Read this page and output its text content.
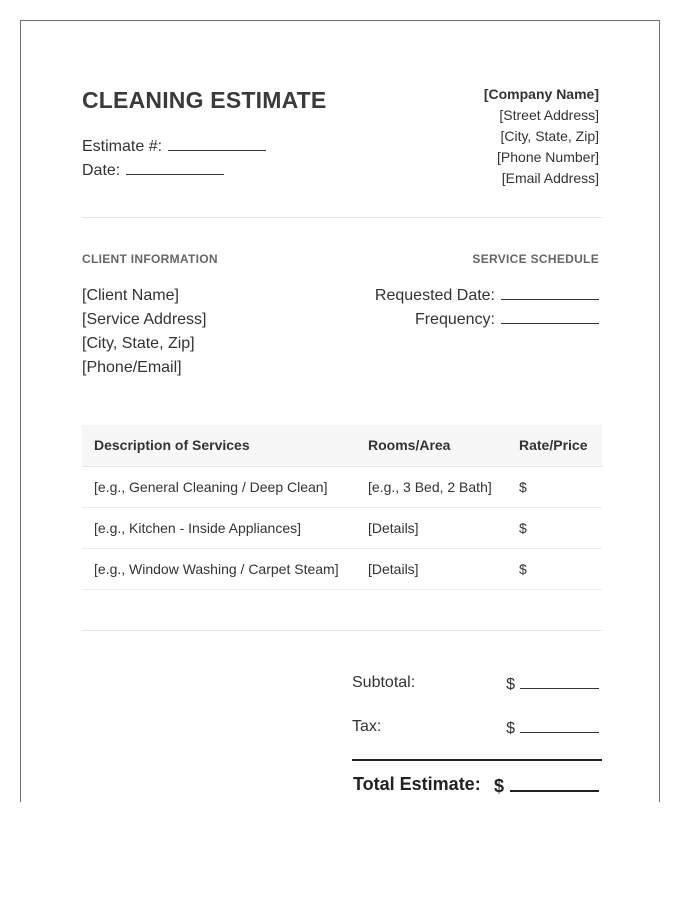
CLEANING ESTIMATE
Estimate #:
Date:
[Company Name]
[Street Address]
[City, State, Zip]
[Phone Number]
[Email Address]
CLIENT INFORMATION	SERVICE SCHEDULE
[Client Name]
[Service Address]
[City, State, Zip]
[Phone/Email]
Requested Date:
Frequency:
Description of Services	Rooms/Area	Rate/Price
[e.g., General Cleaning / Deep Clean]	[e.g., 3 Bed, 2 Bath]	$
[e.g., Kitchen - Inside Appliances]	[Details]	$
[e.g., Window Washing / Carpet Steam]	[Details]	$
Subtotal:	$
Tax:	$
Total Estimate: $
